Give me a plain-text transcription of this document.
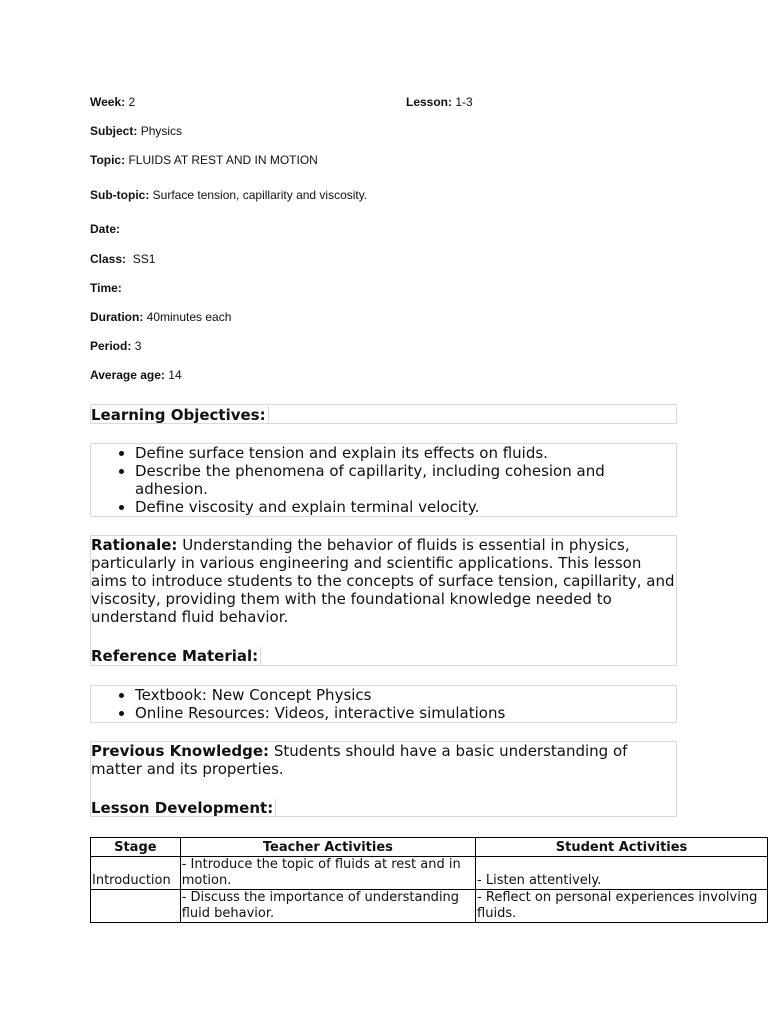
Week: 2	Lesson: 1-3
Subject: Physics
Topic: FLUIDS AT REST AND IN MOTION
Sub-topic: Surface tension, capillarity and viscosity.
Date:
Class: SS1
Time:
Duration: 40minutes each
Period: 3
Average age: 14
Learning Objectives:
• Define surface tension and explain its effects on fluids.
• Describe the phenomena of capillarity, including cohesion and adhesion.
• Define viscosity and explain terminal velocity.
Rationale: Understanding the behavior of fluids is essential in physics, particularly in various engineering and scientific applications. This lesson aims to introduce students to the concepts of surface tension, capillarity, and viscosity, providing them with the foundational knowledge needed to understand fluid behavior.
Reference Material:
• Textbook: New Concept Physics
• Online Resources: Videos, interactive simulations
Previous Knowledge: Students should have a basic understanding of matter and its properties.
Lesson Development:
Stage	Teacher Activities	Student Activities
Introduction	- Introduce the topic of fluids at rest and in motion.	- Listen attentively.
	- Discuss the importance of understanding fluid behavior.	- Reflect on personal experiences involving fluids.
